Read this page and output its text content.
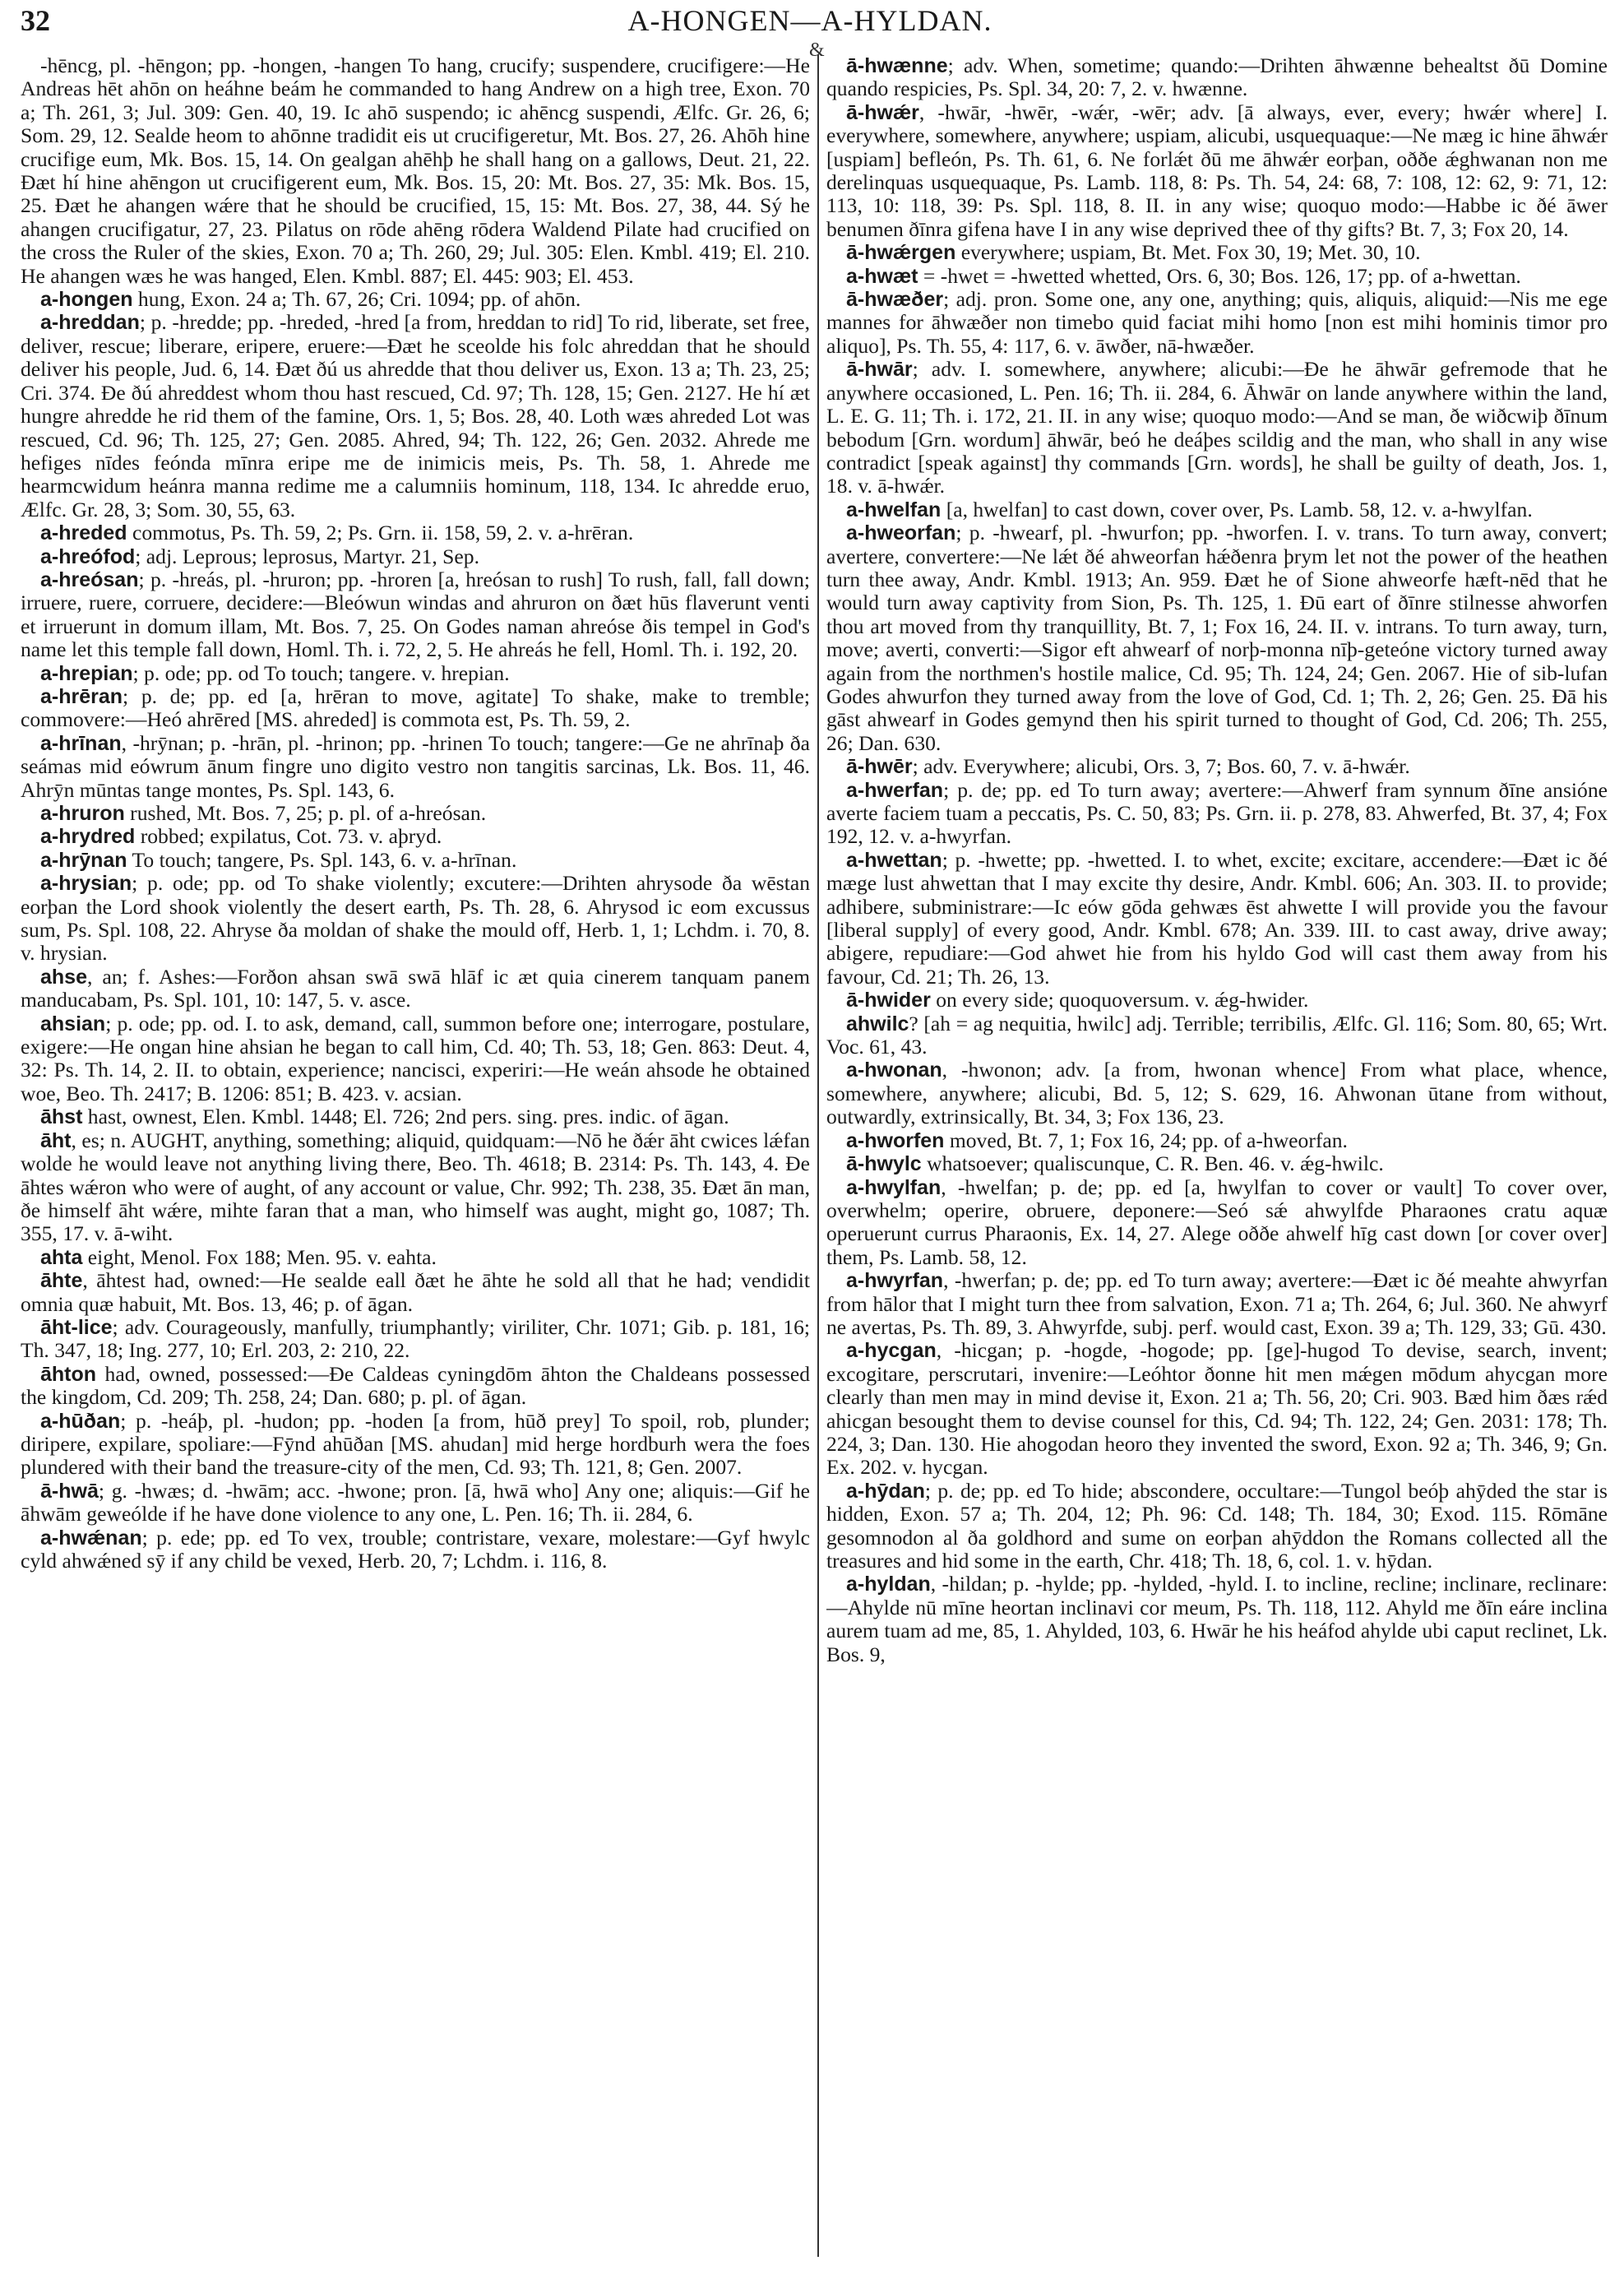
32	A-HONGEN—A-HYLDAN.
&

-hēncg, pl. -hēngon; pp. -hongen, -hangen To hang, crucify; suspendere, crucifigere:—He Andreas hēt ahōn on heáhne beám he commanded to hang Andrew on a high tree, Exon. 70 a; Th. 261, 3; Jul. 309: Gen. 40, 19. Ic ahō suspendo; ic ahēncg suspendi, Ælfc. Gr. 26, 6; Som. 29, 12. Sealde heom to ahōnne tradidit eis ut crucifigeretur, Mt. Bos. 27, 26. Ahōh hine crucifige eum, Mk. Bos. 15, 14. On gealgan ahēhþ he shall hang on a gallows, Deut. 21, 22. Ðæt hí hine ahēngon ut crucifigerent eum, Mk. Bos. 15, 20: Mt. Bos. 27, 35: Mk. Bos. 15, 25. Ðæt he ahangen wǽre that he should be crucified, 15, 15: Mt. Bos. 27, 38, 44. Sý he ahangen crucifigatur, 27, 23. Pilatus on rōde ahēng rōdera Waldend Pilate had crucified on the cross the Ruler of the skies, Exon. 70 a; Th. 260, 29; Jul. 305: Elen. Kmbl. 419; El. 210. He ahangen wæs he was hanged, Elen. Kmbl. 887; El. 445: 903; El. 453.

a-hongen hung, Exon. 24 a; Th. 67, 26; Cri. 1094; pp. of ahōn.

a-hreddan; p. -hredde; pp. -hreded, -hred [a from, hreddan to rid] To rid, liberate, set free, deliver, rescue; liberare, eripere, eruere:—Ðæt he sceolde his folc ahreddan that he should deliver his people, Jud. 6, 14. Ðæt ðú us ahredde that thou deliver us, Exon. 13 a; Th. 23, 25; Cri. 374. Ðe ðú ahreddest whom thou hast rescued, Cd. 97; Th. 128, 15; Gen. 2127. He hí æt hungre ahredde he rid them of the famine, Ors. 1, 5; Bos. 28, 40. Loth wæs ahreded Lot was rescued, Cd. 96; Th. 125, 27; Gen. 2085. Ahred, 94; Th. 122, 26; Gen. 2032. Ahrede me hefiges nīdes feónda mīnra eripe me de inimicis meis, Ps. Th. 58, 1. Ahrede me hearmcwidum heánra manna redime me a calumniis hominum, 118, 134. Ic ahredde eruo, Ælfc. Gr. 28, 3; Som. 30, 55, 63.

a-hreded commotus, Ps. Th. 59, 2; Ps. Grn. ii. 158, 59, 2. v. a-hrēran.

a-hreófod; adj. Leprous; leprosus, Martyr. 21, Sep.

a-hreósan; p. -hreás, pl. -hruron; pp. -hroren [a, hreósan to rush] To rush, fall, fall down; irruere, ruere, corruere, decidere:—Bleówun windas and ahruron on ðæt hūs flaverunt venti et irruerunt in domum illam, Mt. Bos. 7, 25. On Godes naman ahreóse ðis tempel in God's name let this temple fall down, Homl. Th. i. 72, 2, 5. He ahreás he fell, Homl. Th. i. 192, 20.

a-hrepian; p. ode; pp. od To touch; tangere. v. hrepian.

a-hrēran; p. de; pp. ed [a, hrēran to move, agitate] To shake, make to tremble; commovere:—Heó ahrēred [MS. ahreded] is commota est, Ps. Th. 59, 2.

a-hrīnan, -hrȳnan; p. -hrān, pl. -hrinon; pp. -hrinen To touch; tangere:—Ge ne ahrīnaþ ða seámas mid eówrum ānum fingre uno digito vestro non tangitis sarcinas, Lk. Bos. 11, 46. Ahrȳn mūntas tange montes, Ps. Spl. 143, 6.

a-hruron rushed, Mt. Bos. 7, 25; p. pl. of a-hreósan.

a-hrydred robbed; expilatus, Cot. 73. v. aþryd.

a-hrȳnan To touch; tangere, Ps. Spl. 143, 6. v. a-hrīnan.

a-hrysian; p. ode; pp. od To shake violently; excutere:—Drihten ahrysode ða wēstan eorþan the Lord shook violently the desert earth, Ps. Th. 28, 6. Ahrysod ic eom excussus sum, Ps. Spl. 108, 22. Ahryse ða moldan of shake the mould off, Herb. 1, 1; Lchdm. i. 70, 8. v. hrysian.

ahse, an; f. Ashes:—Forðon ahsan swā swā hlāf ic æt quia cinerem tanquam panem manducabam, Ps. Spl. 101, 10: 147, 5. v. asce.

ahsian; p. ode; pp. od. I. to ask, demand, call, summon before one; interrogare, postulare, exigere:—He ongan hine ahsian he began to call him, Cd. 40; Th. 53, 18; Gen. 863: Deut. 4, 32: Ps. Th. 14, 2. II. to obtain, experience; nancisci, experiri:—He weán ahsode he obtained woe, Beo. Th. 2417; B. 1206: 851; B. 423. v. acsian.

āhst hast, ownest, Elen. Kmbl. 1448; El. 726; 2nd pers. sing. pres. indic. of āgan.

āht, es; n. AUGHT, anything, something; aliquid, quidquam:—Nō he ðǽr āht cwices lǽfan wolde he would leave not anything living there, Beo. Th. 4618; B. 2314: Ps. Th. 143, 4. Ðe āhtes wǽron who were of aught, of any account or value, Chr. 992; Th. 238, 35. Ðæt ān man, ðe himself āht wǽre, mihte faran that a man, who himself was aught, might go, 1087; Th. 355, 17. v. ā-wiht.

ahta eight, Menol. Fox 188; Men. 95. v. eahta.

āhte, āhtest had, owned:—He sealde eall ðæt he āhte he sold all that he had; vendidit omnia quæ habuit, Mt. Bos. 13, 46; p. of āgan.

āht-lice; adv. Courageously, manfully, triumphantly; viriliter, Chr. 1071; Gib. p. 181, 16; Th. 347, 18; Ing. 277, 10; Erl. 203, 2: 210, 22.

āhton had, owned, possessed:—Ðe Caldeas cyningdōm āhton the Chaldeans possessed the kingdom, Cd. 209; Th. 258, 24; Dan. 680; p. pl. of āgan.

a-hūðan; p. -heáþ, pl. -hudon; pp. -hoden [a from, hūð prey] To spoil, rob, plunder; diripere, expilare, spoliare:—Fȳnd ahūðan [MS. ahudan] mid herge hordburh wera the foes plundered with their band the treasure-city of the men, Cd. 93; Th. 121, 8; Gen. 2007.

ā-hwā; g. -hwæs; d. -hwām; acc. -hwone; pron. [ā, hwā who] Any one; aliquis:—Gif he āhwām geweólde if he have done violence to any one, L. Pen. 16; Th. ii. 284, 6.

a-hwǽnan; p. ede; pp. ed To vex, trouble; contristare, vexare, molestare:—Gyf hwylc cyld ahwǽned sȳ if any child be vexed, Herb. 20, 7; Lchdm. i. 116, 8.

ā-hwænne; adv. When, sometime; quando:—Drihten āhwænne behealtst ðū Domine quando respicies, Ps. Spl. 34, 20: 7, 2. v. hwænne.

ā-hwǽr, -hwār, -hwēr, -wǽr, -wēr; adv. [ā always, ever, every; hwǽr where] I. everywhere, somewhere, anywhere; uspiam, alicubi, usquequaque:—Ne mæg ic hine āhwǽr [uspiam] befleón, Ps. Th. 61, 6. Ne forlǽt ðū me āhwǽr eorþan, oððe ǽghwanan non me derelinquas usquequaque, Ps. Lamb. 118, 8: Ps. Th. 54, 24: 68, 7: 108, 12: 62, 9: 71, 12: 113, 10: 118, 39: Ps. Spl. 118, 8. II. in any wise; quoquo modo:—Habbe ic ðé āwer benumen ðīnra gifena have I in any wise deprived thee of thy gifts? Bt. 7, 3; Fox 20, 14.

ā-hwǽrgen everywhere; uspiam, Bt. Met. Fox 30, 19; Met. 30, 10.

a-hwæt = -hwet = -hwetted whetted, Ors. 6, 30; Bos. 126, 17; pp. of a-hwettan.

ā-hwæðer; adj. pron. Some one, any one, anything; quis, aliquis, aliquid:—Nis me ege mannes for āhwæðer non timebo quid faciat mihi homo [non est mihi hominis timor pro aliquo], Ps. Th. 55, 4: 117, 6. v. āwðer, nā-hwæðer.

ā-hwār; adv. I. somewhere, anywhere; alicubi:—Ðe he āhwār gefremode that he anywhere occasioned, L. Pen. 16; Th. ii. 284, 6. Āhwār on lande anywhere within the land, L. E. G. 11; Th. i. 172, 21. II. in any wise; quoquo modo:—And se man, ðe wiðcwiþ ðīnum bebodum [Grn. wordum] āhwār, beó he deáþes scildig and the man, who shall in any wise contradict [speak against] thy commands [Grn. words], he shall be guilty of death, Jos. 1, 18. v. ā-hwǽr.

a-hwelfan [a, hwelfan] to cast down, cover over, Ps. Lamb. 58, 12. v. a-hwylfan.

a-hweorfan; p. -hwearf, pl. -hwurfon; pp. -hworfen. I. v. trans. To turn away, convert; avertere, convertere:—Ne lǽt ðé ahweorfan hǽðenra þrym let not the power of the heathen turn thee away, Andr. Kmbl. 1913; An. 959. Ðæt he of Sione ahweorfe hæft-nēd that he would turn away captivity from Sion, Ps. Th. 125, 1. Ðū eart of ðīnre stilnesse ahworfen thou art moved from thy tranquillity, Bt. 7, 1; Fox 16, 24. II. v. intrans. To turn away, turn, move; averti, converti:—Sigor eft ahwearf of norþ-monna nīþ-geteóne victory turned away again from the northmen's hostile malice, Cd. 95; Th. 124, 24; Gen. 2067. Hie of sib-lufan Godes ahwurfon they turned away from the love of God, Cd. 1; Th. 2, 26; Gen. 25. Ðā his gāst ahwearf in Godes gemynd then his spirit turned to thought of God, Cd. 206; Th. 255, 26; Dan. 630.

ā-hwēr; adv. Everywhere; alicubi, Ors. 3, 7; Bos. 60, 7. v. ā-hwǽr.

a-hwerfan; p. de; pp. ed To turn away; avertere:—Ahwerf fram synnum ðīne ansióne averte faciem tuam a peccatis, Ps. C. 50, 83; Ps. Grn. ii. p. 278, 83. Ahwerfed, Bt. 37, 4; Fox 192, 12. v. a-hwyrfan.

a-hwettan; p. -hwette; pp. -hwetted. I. to whet, excite; excitare, accendere:—Ðæt ic ðé mæge lust ahwettan that I may excite thy desire, Andr. Kmbl. 606; An. 303. II. to provide; adhibere, subministrare:—Ic eów gōda gehwæs ēst ahwette I will provide you the favour [liberal supply] of every good, Andr. Kmbl. 678; An. 339. III. to cast away, drive away; abigere, repudiare:—God ahwet hie from his hyldo God will cast them away from his favour, Cd. 21; Th. 26, 13.

ā-hwider on every side; quoquoversum. v. ǽg-hwider.

ahwilc? [ah = ag nequitia, hwilc] adj. Terrible; terribilis, Ælfc. Gl. 116; Som. 80, 65; Wrt. Voc. 61, 43.

a-hwonan, -hwonon; adv. [a from, hwonan whence] From what place, whence, somewhere, anywhere; alicubi, Bd. 5, 12; S. 629, 16. Ahwonan ūtane from without, outwardly, extrinsically, Bt. 34, 3; Fox 136, 23.

a-hworfen moved, Bt. 7, 1; Fox 16, 24; pp. of a-hweorfan.

ā-hwylc whatsoever; qualiscunque, C. R. Ben. 46. v. ǽg-hwilc.

a-hwylfan, -hwelfan; p. de; pp. ed [a, hwylfan to cover or vault] To cover over, overwhelm; operire, obruere, deponere:—Seó sǽ ahwylfde Pharaones cratu aquæ operuerunt currus Pharaonis, Ex. 14, 27. Alege oððe ahwelf hīg cast down [or cover over] them, Ps. Lamb. 58, 12.

a-hwyrfan, -hwerfan; p. de; pp. ed To turn away; avertere:—Ðæt ic ðé meahte ahwyrfan from hālor that I might turn thee from salvation, Exon. 71 a; Th. 264, 6; Jul. 360. Ne ahwyrf ne avertas, Ps. Th. 89, 3. Ahwyrfde, subj. perf. would cast, Exon. 39 a; Th. 129, 33; Gū. 430.

a-hycgan, -hicgan; p. -hogde, -hogode; pp. [ge]-hugod To devise, search, invent; excogitare, perscrutari, invenire:—Leóhtor ðonne hit men mǽgen mōdum ahycgan more clearly than men may in mind devise it, Exon. 21 a; Th. 56, 20; Cri. 903. Bæd him ðæs rǽd ahicgan besought them to devise counsel for this, Cd. 94; Th. 122, 24; Gen. 2031: 178; Th. 224, 3; Dan. 130. Hie ahogodan heoro they invented the sword, Exon. 92 a; Th. 346, 9; Gn. Ex. 202. v. hycgan.

a-hȳdan; p. de; pp. ed To hide; abscondere, occultare:—Tungol beóþ ahȳded the star is hidden, Exon. 57 a; Th. 204, 12; Ph. 96: Cd. 148; Th. 184, 30; Exod. 115. Rōmāne gesomnodon al ða goldhord and sume on eorþan ahȳddon the Romans collected all the treasures and hid some in the earth, Chr. 418; Th. 18, 6, col. 1. v. hȳdan.

a-hyldan, -hildan; p. -hylde; pp. -hylded, -hyld. I. to incline, recline; inclinare, reclinare:—Ahylde nū mīne heortan inclinavi cor meum, Ps. Th. 118, 112. Ahyld me ðīn eáre inclina aurem tuam ad me, 85, 1. Ahylded, 103, 6. Hwār he his heáfod ahylde ubi caput reclinet, Lk. Bos. 9,
